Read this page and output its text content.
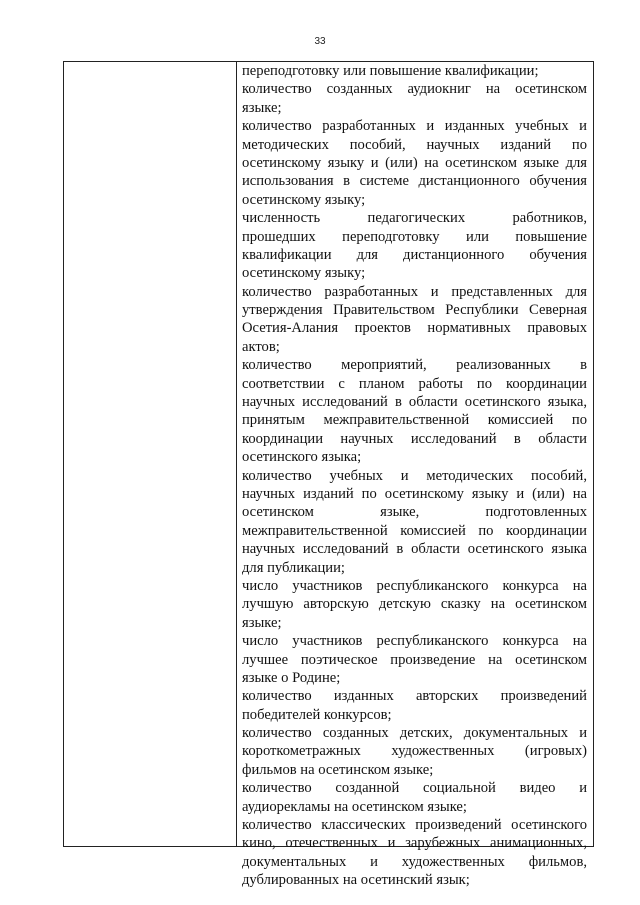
33
переподготовку или повышение квалификации;
количество созданных аудиокниг на осетинском
языке;
количество разработанных и изданных учебных и
методических пособий, научных изданий по
осетинскому языку и (или) на осетинском языке для
использования в системе дистанционного обучения
осетинскому языку;
численность педагогических работников,
прошедших переподготовку или повышение
квалификации для дистанционного обучения
осетинскому языку;
количество разработанных и представленных для
утверждения Правительством Республики Северная
Осетия-Алания проектов нормативных правовых
актов;
количество мероприятий, реализованных в
соответствии с планом работы по координации
научных исследований в области осетинского языка,
принятым межправительственной комиссией по
координации научных исследований в области
осетинского языка;
количество учебных и методических пособий,
научных изданий по осетинскому языку и (или) на
осетинском языке, подготовленных
межправительственной комиссией по координации
научных исследований в области осетинского языка
для публикации;
число участников республиканского конкурса на
лучшую авторскую детскую сказку на осетинском
языке;
число участников республиканского конкурса на
лучшее поэтическое произведение на осетинском
языке о Родине;
количество изданных авторских произведений
победителей конкурсов;
количество созданных детских, документальных и
короткометражных художественных (игровых)
фильмов на осетинском языке;
количество созданной социальной видео и
аудиорекламы на осетинском языке;
количество классических произведений осетинского
кино, отечественных и зарубежных анимационных,
документальных и художественных фильмов,
дублированных на осетинский язык;
